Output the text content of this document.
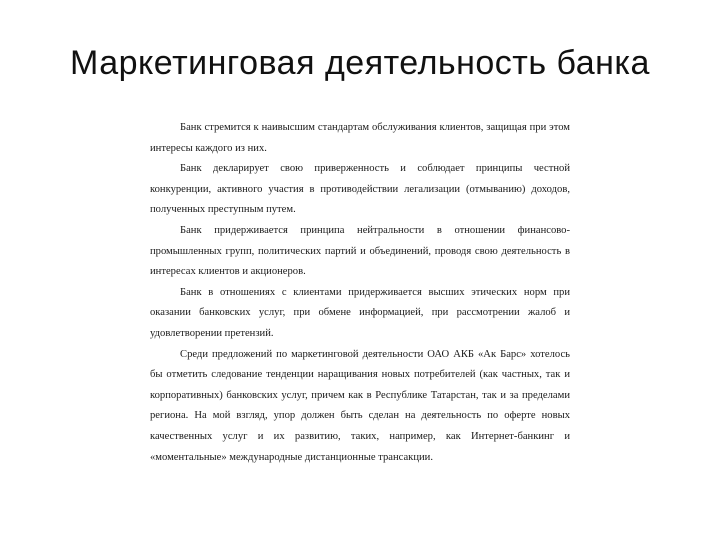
Маркетинговая деятельность банка

Банк стремится к наивысшим стандартам обслуживания клиентов, защищая при этом интересы каждого из них.

Банк декларирует свою приверженность и соблюдает принципы честной конкуренции, активного участия в противодействии легализации (отмыванию) доходов, полученных преступным путем.

Банк придерживается принципа нейтральности в отношении финансово-промышленных групп, политических партий и объединений, проводя свою деятельность в интересах клиентов и акционеров.

Банк в отношениях с клиентами придерживается высших этических норм при оказании банковских услуг, при обмене информацией, при рассмотрении жалоб и удовлетворении претензий.

Среди предложений по маркетинговой деятельности ОАО АКБ «Ак Барс» хотелось бы отметить следование тенденции наращивания новых потребителей (как частных, так и корпоративных) банковских услуг, причем как в Республике Татарстан, так и за пределами региона. На мой взгляд, упор должен быть сделан на деятельность по оферте новых качественных услуг и их развитию, таких, например, как Интернет-банкинг и «моментальные» международные дистанционные трансакции.
